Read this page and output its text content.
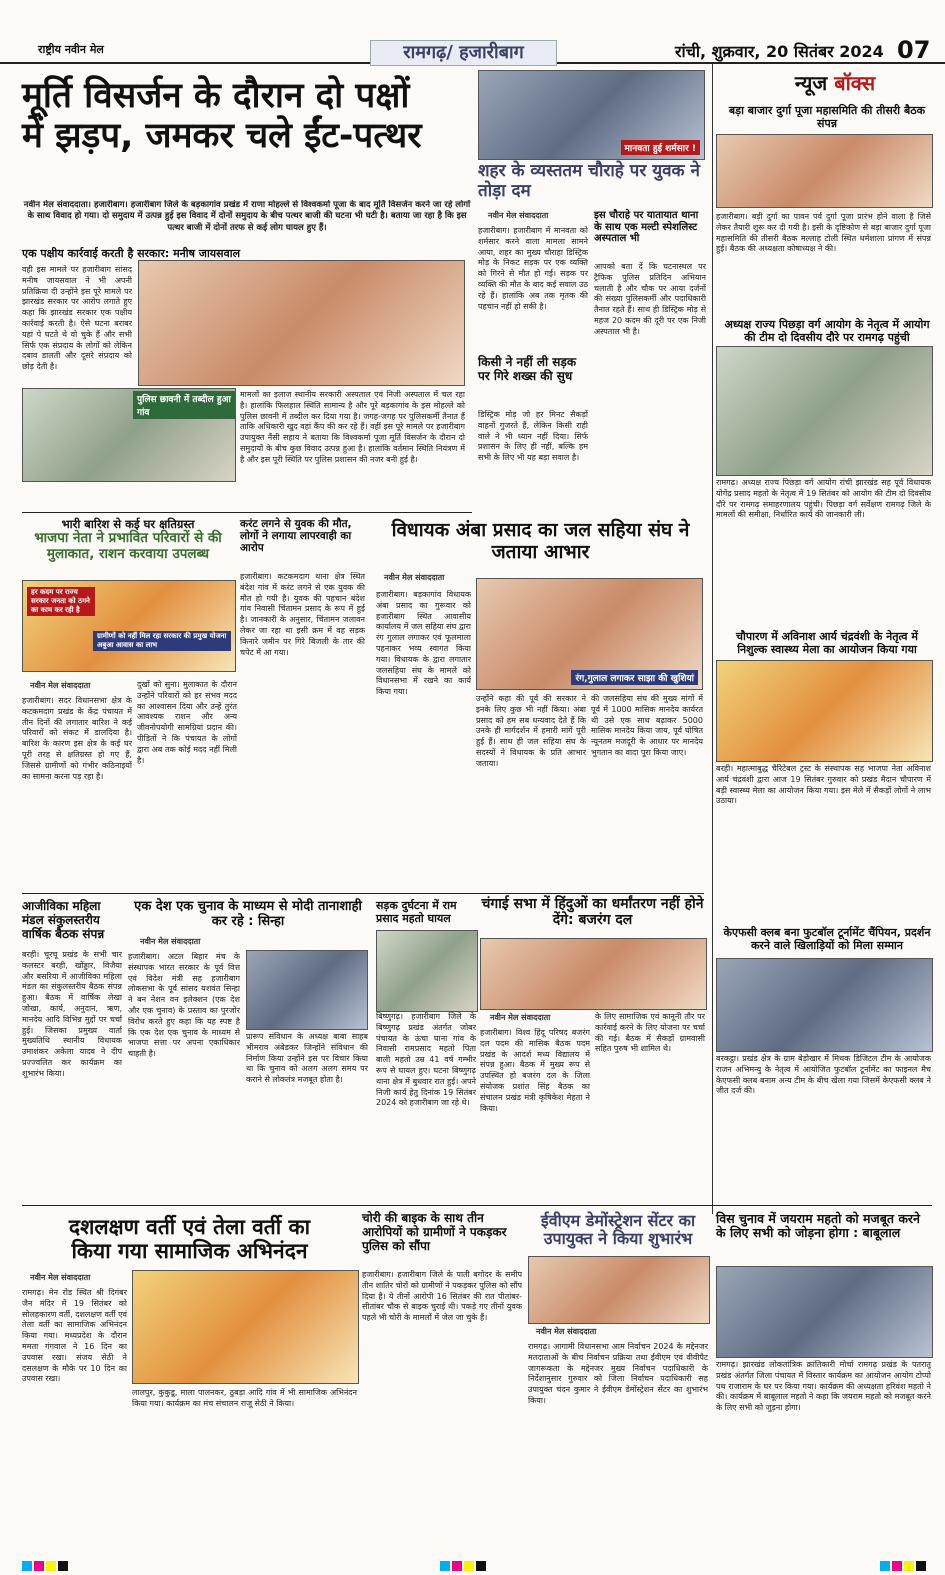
राष्ट्रीय नवीन मेल	रामगढ़/ हजारीबाग	रांची, शुक्रवार, 20 सितंबर 2024 07
मूर्ति विसर्जन के दौरान दो पक्षों
में झड़प, जमकर चले ईंट-पत्थर
नवीन मेल संवाददाता। हजारीबाग। हजारीबाग जिले के बड़कागांव प्रखंड में राणा मोहल्ले से विश्वकर्मा पूजा के बाद मूर्ति विसर्जन करने जा रहे लोगों के साथ विवाद हो गया। दो समुदाय में उत्पन्न हुई इस विवाद में दोनों समुदाय के बीच पत्थर बाजी की घटना भी घटी है। बताया जा रहा है कि इस पत्थर बाजी में दोनों तरफ से कई लोग घायल हुए हैं।
एक पक्षीय कार्रवाई करती है सरकार: मनीष जायसवाल
वही इस मामले पर हजारीबाग सांसद मनीष जायसवाल ने भी अपनी प्रतिक्रिया दी उन्होंने इस पूरे मामले पर झारखंड सरकार पर आरोप लगाते हुए कहा कि झारखंड सरकार एक पक्षीय कार्रवाई करती है। ऐसे घटना बराबर यहां पे घटते थे वो चुके हैं और सभी सिर्फ एक संप्रदाय के लोगों को लेकिन दबाव डालती और दूसरे संप्रदाय को छोड़ देती है।
पुलिस छावनी में तब्दील हुआ गांव
मामलों का इलाज स्थानीय सरकारी अस्पताल एवं निजी अस्पताल में चल रहा है। हालांकि फिलहाल स्थिति सामान्य है और पूरे बड़कागांव के इस मोहल्ले को पुलिस छावनी में तब्दील कर दिया गया है। जगह-जगह पर पुलिसकर्मी तैनात हैं ताकि अधिकारी खुद वहां कैंप की कर रहे हैं। वहीं इस पूरे मामले पर हजारीबाग उपायुक्त नैंसी सहाय ने बताया कि विश्वकर्मा पूजा मूर्ति विसर्जन के दौरान दो समुदायों के बीच कुछ विवाद उत्पन्न हुआ है। हालांकि वर्तमान स्थिति नियंत्रण में है और इस पूरी स्थिति पर पुलिस प्रशासन की नजर बनी हुई है।
मानवता हुई शर्मसार !
शहर के व्यस्ततम चौराहे पर युवक ने तोड़ा दम
नवीन मेल संवाददाता
हजारीबाग। हजारीबाग में मानवता को शर्मसार करने वाला मामला सामने आया, शहर का मुख्य चौराहा डिस्ट्रिक मोड़ के निकट सड़क पर एक व्यक्ति को गिरने से मौत हो गई। सड़क पर व्यक्ति की मौत के बाद कई सवाल उठ रहे हैं। हालांकि अब तक मृतक की पहचान नहीं हो सकी है।
इस चौराहे पर यातायात थाना के साथ एक मल्टी स्पेशलिस्ट अस्पताल भी
आपको बता दें कि घटनास्थल पर ट्रैफिक पुलिस प्रतिदिन अभियान चलाती है और चौक पर आया दर्जनों की संख्या पुलिसकर्मी और पदाधिकारी तैनात रहते हैं। साथ ही डिस्ट्रिक मोड़ से महज 20 कदम की दूरी पर एक निजी अस्पताल भी है।
किसी ने नहीं ली सड़क पर गिरे शख्स की सुध
डिस्ट्रिक मोड़ जो हर मिनट सैकड़ों वाहनों गुजरते हैं, लेकिन किसी राही वाले ने भी ध्यान नहीं दिया। सिर्फ प्रशासन के लिए ही नहीं, बल्कि हम सभी के लिए भी यह बड़ा सवाल है।
न्यूज बॉक्स
बड़ा बाजार दुर्गा पूजा महासमिति की तीसरी बैठक संपन्न
हजारीबाग। बड़ी दुर्गा का पावन पर्व दुर्गा पूजा प्रारंभ होने वाला है जिसे लेकर तैयारी शुरू कर दी गयी है। इसी के दृष्टिकोण से बड़ा बाजार दुर्गा पूजा महासमिति की तीसरी बैठक मल्लाह टोली स्थित धर्मशाला प्रांगण में संपन्न हुई। बैठक की अध्यक्षता कोषाध्यक्ष ने की।
अध्यक्ष राज्य पिछड़ा वर्ग आयोग के नेतृत्व में आयोग की टीम दो दिवसीय दौरे पर रामगढ़ पहुंची
रामगढ़। अध्यक्ष राज्य पिछड़ा वर्ग आयोग रांची झारखंड सह पूर्व विधायक योगेंद्र प्रसाद महतो के नेतृत्व में 19 सितंबर को आयोग की टीम दो दिवसीय दौरे पर रामगढ़ समाहरणालय पहुंची। पिछड़ा वर्ग सर्वेक्षण रामगढ़ जिले के मामलों की समीक्षा, निर्धारित कार्य की जानकारी ली।
चौपारण में अविनाश आर्य चंद्रवंशी के नेतृत्व में निशुल्क स्वास्थ्य मेला का आयोजन किया गया
बरही। महात्माबुद्ध चैरिटेबल ट्रस्ट के संस्थापक सह भाजपा नेता अविनाश आर्य चंद्रवंशी द्वारा आज 19 सितंबर गुरुवार को प्रखंड मैदान चौपारण में बड़ी स्वास्थ्य मेला का आयोजन किया गया। इस मेले में सैकड़ों लोगों ने लाभ उठाया।
केएफसी क्लब बना फुटबॉल टूर्नामेंट चैंपियन, प्रदर्शन करने वाले खिलाड़ियों को मिला सम्मान
बरकट्ठा। प्रखंड क्षेत्र के ग्राम बेड़ोखार में मिथक डिजिटल टीम के आयोजक राजन अभिमन्यु के नेतृत्व में आयोजित फुटबॉल टूर्नामेंट का फाइनल मैच केएफसी क्लब बनाम अन्य टीम के बीच खेला गया जिसमें केएफसी क्लब ने जीत दर्ज की।
भारी बारिश से कई घर क्षतिग्रस्त
भाजपा नेता ने प्रभावित परिवारों से की मुलाकात, राशन करवाया उपलब्ध
हर कदम पर राज्य सरकार जनता को ठगने का काम कर रही है
ग्रामीणों को नहीं मिल रहा सरकार की प्रमुख योजना अबुआ आवास का लाभ
नवीन मेल संवाददाता
हजारीबाग। सदर विधानसभा क्षेत्र के कटकमदाग प्रखंड के केंद्र पंचायत में तीन दिनों की लगातार बारिश ने कई परिवारों को संकट में डालदिया है। बारिश के कारण इस क्षेत्र के कई घर पूरी तरह से क्षतिग्रस्त हो गए हैं, जिससे ग्रामीणों को गंभीर कठिनाइयों का सामना करना पड़ रहा है।
दुखों को सुना। मुलाकात के दौरान उन्होंने परिवारों को हर संभव मदद का आश्वासन दिया और उन्हें तुरंत आवश्यक राशन और अन्य जीवनोपयोगी सामग्रियां प्रदान की। पीड़ितों ने कि पंचायत के लोगों द्वारा अब तक कोई मदद नहीं मिली है।
करंट लगने से युवक की मौत, लोगों ने लगाया लापरवाही का आरोप
हजारीबाग। कटकमदाग थाना क्षेत्र स्थित बंदेश गांव में करंट लगने से एक युवक की मौत हो गयी है। युवक की पहचान बंदेश गांव निवासी चिंतामन प्रसाद के रूप में हुई है। जानकारी के अनुसार, चिंतामन जलावन लेकर जा रहा था इसी क्रम में वह सड़क किनारे जमीन पर गिरे बिजली के तार की चपेट में आ गया।
विधायक अंबा प्रसाद का जल सहिया संघ ने जताया आभार
नवीन मेल संवाददाता
हजारीबाग। बड़कागांव विधायक अंबा प्रसाद का गुरूवार को हजारीबाग स्थित आवासीय कार्यालय में जल सहिया संघ द्वारा रंग गुलाल लगाकर एवं फूलमाला पहनाकर भव्य स्वागत किया गया। विधायक के द्वारा लगातार जलसहिया संघ के मामले को विधानसभा में रखने का कार्य किया गया।
रंग,गुलाल लगाकर साझा की खुशियां
उन्होंने कहा की पूर्व की सरकार ने इनके लिए कुछ भी नहीं किया। अंबा प्रसाद को हम सब धन्यवाद देते हैं कि उनके ही मार्गदर्शन में हमारी मांगें पूरी हुई हैं। साथ ही जल सहिया संघ के सदस्यों ने विधायक के प्रति आभार जताया।
की जलसहिया संघ की मुख्य मांगों में पूर्व में 1000 मासिक मानदेय कार्यरत थी उसे एक साथ बढ़ाकर 5000 मासिक मानदेय किया जाय, पूर्व घोषित न्यूनतम मजदूरी के आधार पर मानदेय भुगतान का वादा पूरा किया जाए।
आजीविका महिला मंडल संकुलस्तरीय वार्षिक बैठक संपन्न
बरही। चूरचू प्रखंड के सभी चार कलस्टर बरही, खोंड्डार, विजैया और बसरिया में आजीविका महिला मंडल का संकुलस्तरीय बैठक संपन्न हुआ। बैठक में वार्षिक लेखा जोखा, कार्य, अनुदान, ऋण, मानदेय आदि विभिन्न मुद्दों पर चर्चा हुई। जिसका प्रमुख्य वार्ता मुख्यतिथि स्थानीय विधायक उमाशंकर अकेला यादव ने दीप प्रज्ज्वलित कर कार्यक्रम का शुभारंभ किया।
एक देश एक चुनाव के माध्यम से मोदी तानाशाही कर रहे : सिन्हा
नवीन मेल संवाददाता
हजारीबाग। अटल बिहार मंच के संस्थापक भारत सरकार के पूर्व वित्त एवं विदेश मंत्री सह हजारीबाग लोकसभा के पूर्व सांसद यशवंत सिन्हा ने बन नेशन वन इलेक्शन (एक देश और एक चुनाव) के प्रस्ताव का पुरजोर विरोध करते हुए कहा कि यह स्पष्ट है कि एक देश एक चुनाव के माध्यम से भाजपा सत्ता पर अपना एकाधिकार चाहती है।
प्रारूप संविधान के अध्यक्ष बाबा साहब भीमराव अंबेडकर जिन्होंने संविधान की निर्माण किया उन्होंने इस पर विचार किया था कि चुनाव को अलग अलग समय पर कराने से लोकतंत्र मजबूत होता है।
सड़क दुर्घटना में राम प्रसाद महतो घायल
बिष्णुगढ़। हजारीबाग जिले के बिष्णुगढ़ प्रखंड अंतर्गत जोबर पंचायत के ऊंचा घाना गांव के निवासी रामप्रसाद महतो पिता बाली महतो उम्र 41 वर्ष गम्भीर रूप से घायल हुए। घटना बिष्णुगढ़ थाना क्षेत्र में बुधवार रात हुई। अपने निजी कार्य हेतु दिनांक 19 सितंबर 2024 को हजारीबाग जा रहे थे।
चंगाई सभा में हिंदुओं का धर्मांतरण नहीं होने देंगे: बजरंग दल
नवीन मेल संवाददाता
हजारीबाग। विश्व हिंदू परिषद बजरंग दल पदम की मासिक बैठक पदम प्रखंड के आदर्श मध्य विद्यालय में संपन्न हुआ। बैठक में मुख्य रूप से उपस्थित हो बजरंग दल के जिला संयोजक प्रशांत सिंह बैठक का संचालन प्रखंड मंत्री कृषिकेश मेहता ने किया।
के लिए सामाजिक एवं कानूनी तौर पर कार्रवाई करने के लिए योजना पर चर्चा की गई। बैठक में सैकड़ों ग्रामवासी सहित पुरुष भी शामिल थे।
दशलक्षण वर्ती एवं तेला वर्ती का
किया गया सामाजिक अभिनंदन
नवीन मेल संवाददाता
रामगढ़। मेन रोड स्थित श्री दिगंबर जैन मंदिर में 19 सितंबर को सोलहकारण वर्ती, दशलक्षण वर्ती एवं तेला वर्ती का सामाजिक अभिनंदन किया गया। मध्यप्रदेश के दौरान ममता गंगवाल ने 16 दिन का उपवास रखा। संजय सेठी ने दसलक्षण के मौके पर 10 दिन का उपवास रखा।
लालपुर, कुकुडू, माला पालनकर, ठुबड़ा आदि गांव में भी सामाजिक अभिनंदन किया गया। कार्यक्रम का मंच संचालन राजू सेठी ने किया।
चोरी की बाइक के साथ तीन आरोपियों को ग्रामीणों ने पकड़कर पुलिस को सौंपा
हजारीबाग। हजारीबाग जिले के पाती बगोदर के समीप तीन शातिर चोरों को ग्रामीणों ने पकड़कर पुलिस को सौंप दिया है। ये तीनों आरोपी 16 सितंबर की रात पीतांबर-सीतांबर चौक से बाइक चुराई थी। पकड़े गए तीनों युवक पहले भी चोरी के मामलों में जेल जा चुके हैं।
ईवीएम डेमोंस्ट्रेशन सेंटर का उपायुक्त ने किया शुभारंभ
नवीन मेल संवाददाता
रामगढ़। आगामी विधानसभा आम निर्वाचन 2024 के मद्देनजर मतदाताओं के बीच निर्वाचन प्रक्रिया तथा ईवीएम एवं वीवीपैट जागरूकता के मद्देनजर मुख्य निर्वाचन पदाधिकारी के निर्देशानुसार गुरुवार को जिला निर्वाचन पदाधिकारी सह उपायुक्त चंदन कुमार ने ईवीएम डेमोंस्ट्रेशन सेंटर का शुभारंभ किया।
विस चुनाव में जयराम महतो को मजबूत करने के लिए सभी को जोड़ना होगा : बाबूलाल
रामगढ़। झारखंड लोकतांत्रिक क्रांतिकारी मोर्चा रामगढ़ प्रखंड के पतरातू प्रखंड अंतर्गत जिला पंचायत में विस्तार कार्यक्रम का आयोजन आयोग टोप्पो पथ राजाराम के घर पर किया गया। कार्यक्रम की अध्यक्षता हरिवंश महतो ने की। कार्यक्रम में बाबूलाल महतो ने कहा कि जयराम महतो को मजबूत करने के लिए सभी को जुड़ना होगा।
